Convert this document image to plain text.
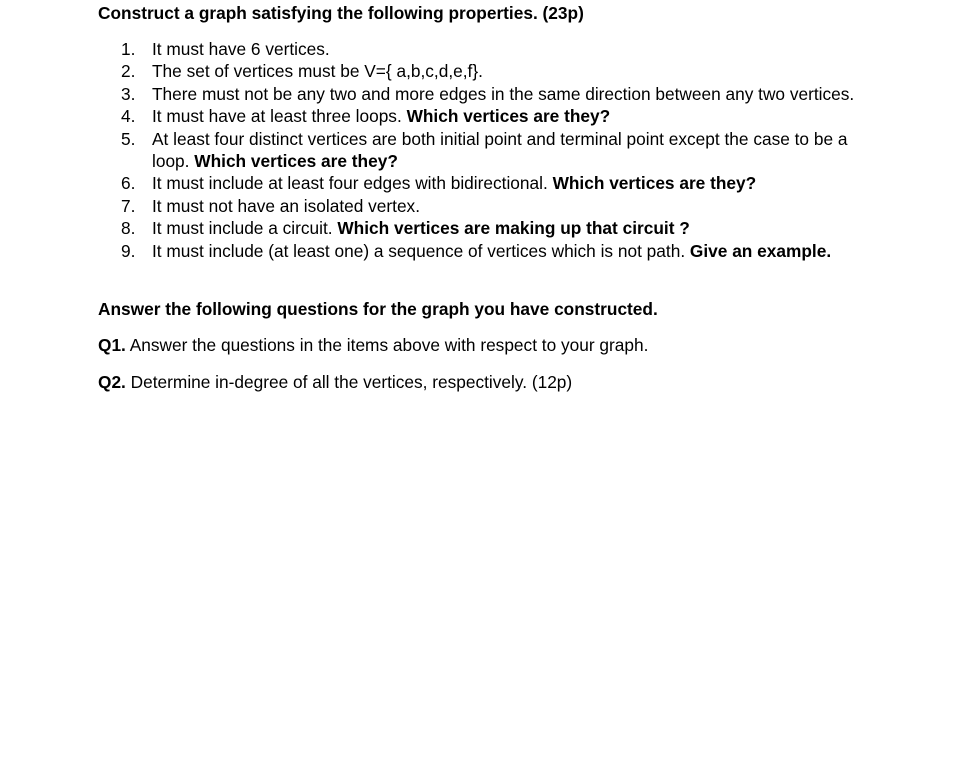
Construct a graph satisfying the following properties. (23p)
1. It must have 6 vertices.
2. The set of vertices must be V={ a,b,c,d,e,f}.
3. There must not be any two and more edges in the same direction between any two vertices.
4. It must have at least three loops. Which vertices are they?
5. At least four distinct vertices are both initial point and terminal point except the case to be a loop. Which vertices are they?
6. It must include at least four edges with bidirectional. Which vertices are they?
7. It must not have an isolated vertex.
8. It must include a circuit. Which vertices are making up that circuit ?
9. It must include (at least one) a sequence of vertices which is not path. Give an example.
Answer the following questions for the graph you have constructed.
Q1. Answer the questions in the items above with respect to your graph.
Q2. Determine in-degree of all the vertices, respectively. (12p)
